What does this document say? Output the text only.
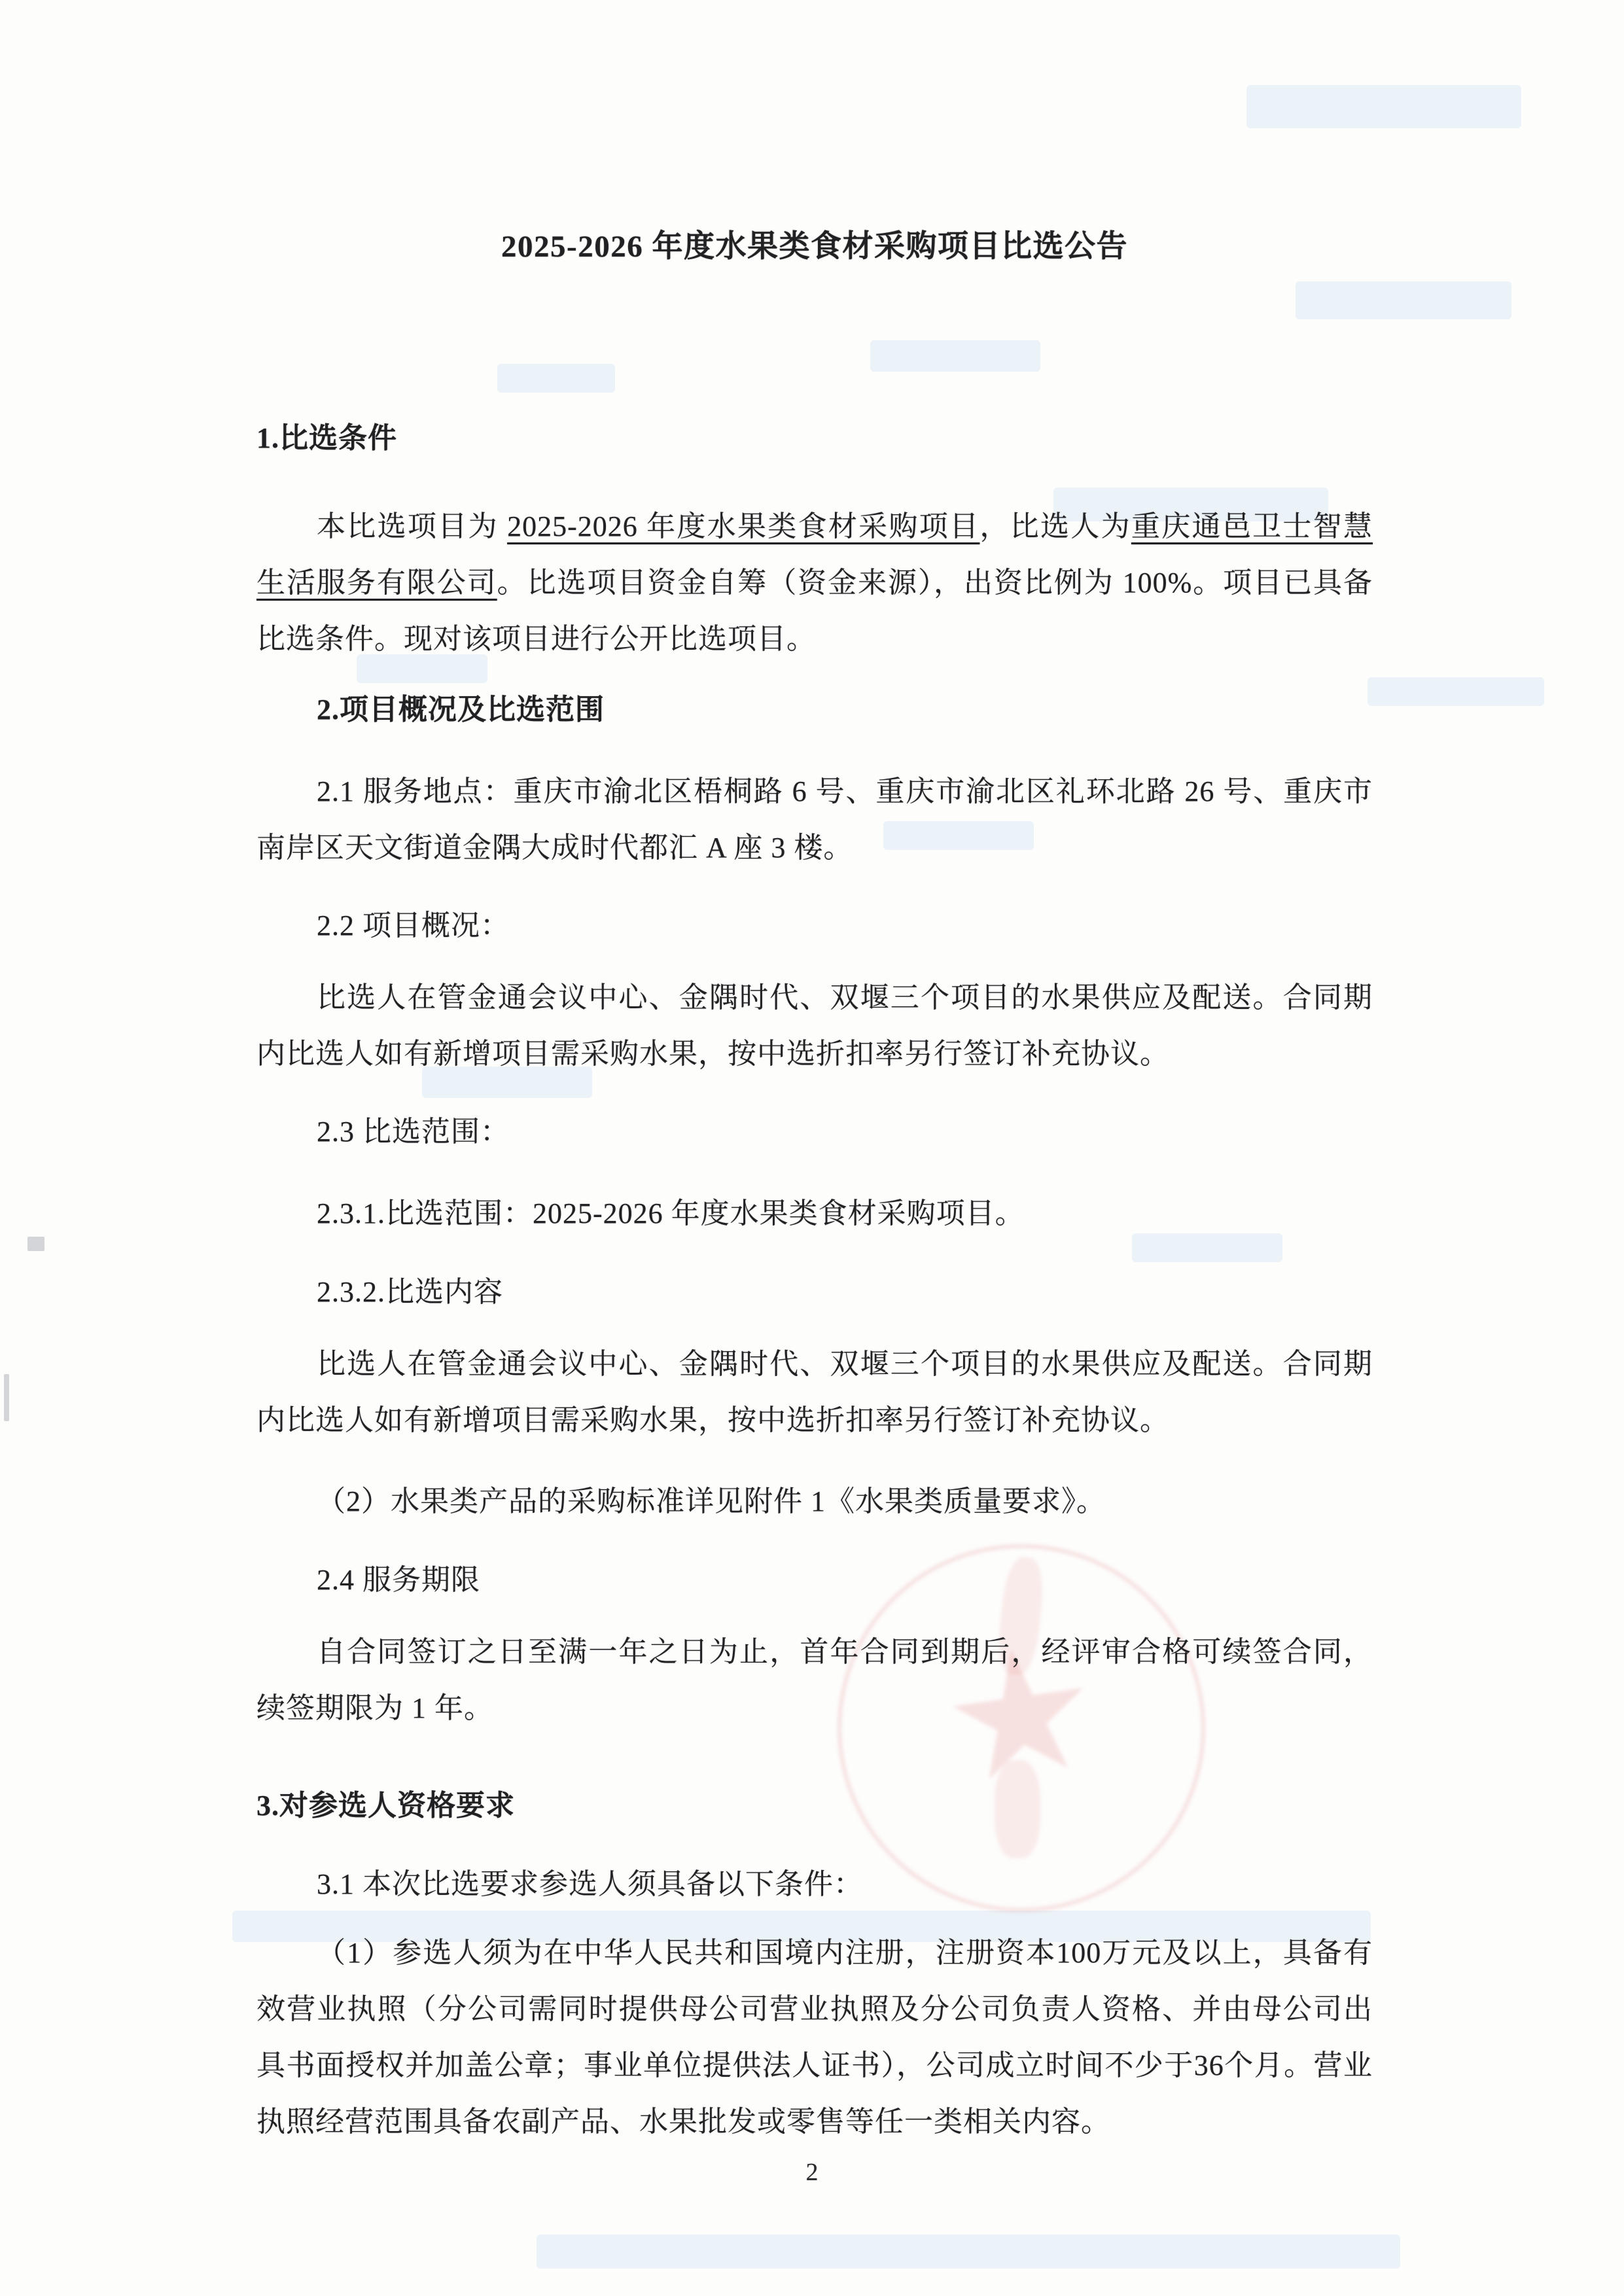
2025-2026 年度水果类食材采购项目比选公告
1.比选条件

本比选项目为 2025-2026 年度水果类食材采购项目，比选人为重庆通邑卫士智慧生活服务有限公司。比选项目资金自筹（资金来源），出资比例为 100%。项目已具备比选条件。现对该项目进行公开比选项目。

2.项目概况及比选范围
2.1 服务地点：重庆市渝北区梧桐路 6 号、重庆市渝北区礼环北路 26 号、重庆市南岸区天文街道金隅大成时代都汇 A 座 3 楼。
2.2 项目概况：
比选人在管金通会议中心、金隅时代、双堰三个项目的水果供应及配送。合同期内比选人如有新增项目需采购水果，按中选折扣率另行签订补充协议。
2.3 比选范围：
2.3.1.比选范围：2025-2026 年度水果类食材采购项目。
2.3.2.比选内容
比选人在管金通会议中心、金隅时代、双堰三个项目的水果供应及配送。合同期内比选人如有新增项目需采购水果，按中选折扣率另行签订补充协议。
（2）水果类产品的采购标准详见附件 1《水果类质量要求》。
2.4 服务期限
自合同签订之日至满一年之日为止，首年合同到期后，经评审合格可续签合同，续签期限为 1 年。
3.对参选人资格要求
3.1 本次比选要求参选人须具备以下条件：
（1）参选人须为在中华人民共和国境内注册，注册资本100万元及以上，具备有效营业执照（分公司需同时提供母公司营业执照及分公司负责人资格、并由母公司出具书面授权并加盖公章；事业单位提供法人证书），公司成立时间不少于36个月。营业执照经营范围具备农副产品、水果批发或零售等任一类相关内容。
2
